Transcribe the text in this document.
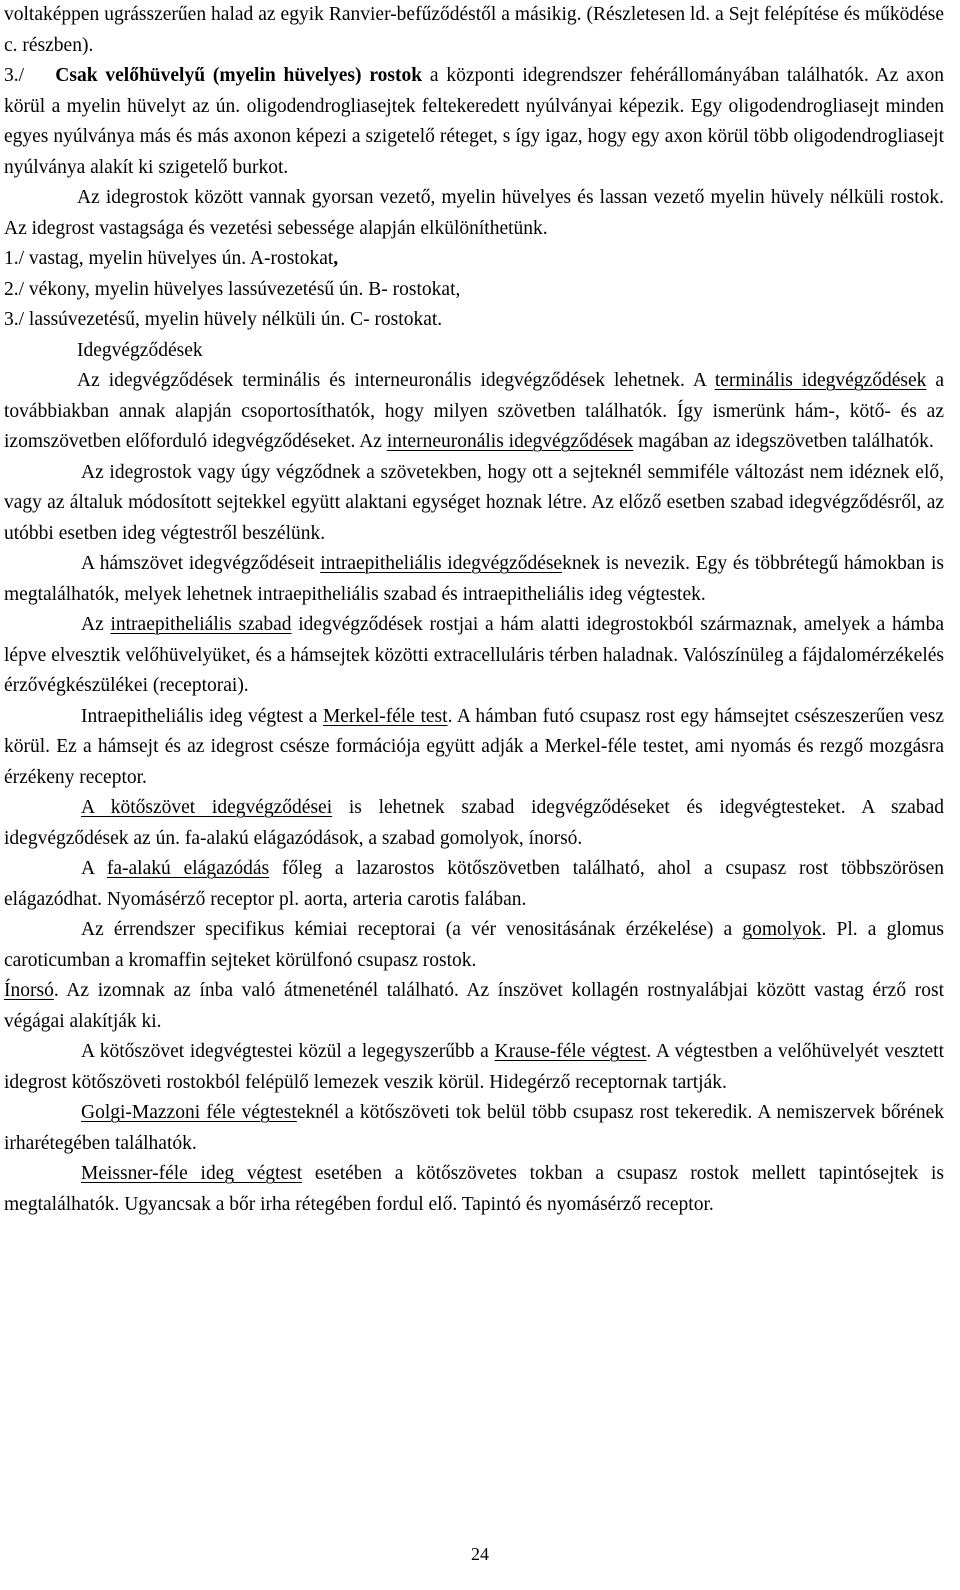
voltaképpen ugrásszerűen halad az egyik Ranvier-befűződéstől a másikig. (Részletesen ld. a Sejt felépítése és működése c. részben).

3./ Csak velőhüvelyű (myelin hüvelyes) rostok a központi idegrendszer fehérállományában találhatók. Az axon körül a myelin hüvelyt az ún. oligodendrogliasejtek feltekeredett nyúlványai képezik. Egy oligodendrogliasejt minden egyes nyúlványa más és más axonon képezi a szigetelő réteget, s így igaz, hogy egy axon körül több oligodendrogliasejt nyúlványa alakít ki szigetelő burkot.

Az idegrostok között vannak gyorsan vezető, myelin hüvelyes és lassan vezető myelin hüvely nélküli rostok. Az idegrost vastagsága és vezetési sebessége alapján elkülöníthetünk.

1./ vastag, myelin hüvelyes ún. A-rostokat,

2./ vékony, myelin hüvelyes lassúvezetésű ún. B- rostokat,

3./ lassúvezetésű, myelin hüvely nélküli ún. C- rostokat.

Idegvégződések

Az idegvégződések terminális és interneuronális idegvégződések lehetnek. A terminális idegvégződések a továbbiakban annak alapján csoportosíthatók, hogy milyen szövetben találhatók. Így ismerünk hám-, kötő- és az izomszövetben előforduló idegvégződéseket. Az interneuronális idegvégződések magában az idegszövetben találhatók.

Az idegrostok vagy úgy végződnek a szövetekben, hogy ott a sejteknél semmiféle változást nem idéznek elő, vagy az általuk módosított sejtekkel együtt alaktani egységet hoznak létre. Az előző esetben szabad idegvégződésről, az utóbbi esetben ideg végtestről beszélünk.

A hámszövet idegvégződéseit intraepitheliális idegvégződéseknek is nevezik. Egy és többrétegű hámokban is megtalálhatók, melyek lehetnek intraepitheliális szabad és intraepitheliális ideg végtestek.

Az intraepitheliális szabad idegvégződések rostjai a hám alatti idegrostokból származnak, amelyek a hámba lépve elvesztik velőhüvelyüket, és a hámsejtek közötti extracelluláris térben haladnak. Valószínüleg a fájdalomérzékelés érzővégkészülékei (receptorai).

Intraepitheliális ideg végtest a Merkel-féle test. A hámban futó csupasz rost egy hámsejtet csészeszerűen vesz körül. Ez a hámsejt és az idegrost csésze formációja együtt adják a Merkel-féle testet, ami nyomás és rezgő mozgásra érzékeny receptor.

A kötőszövet idegvégződései is lehetnek szabad idegvégződéseket és idegvégtesteket. A szabad idegvégződések az ún. fa-alakú elágazódások, a szabad gomolyok, ínorsó.

A fa-alakú elágazódás főleg a lazarostos kötőszövetben található, ahol a csupasz rost többszörösen elágazódhat. Nyomásérző receptor pl. aorta, arteria carotis falában.

Az érrendszer specifikus kémiai receptorai (a vér venositásának érzékelése) a gomolyok. Pl. a glomus caroticumban a kromaffin sejteket körülfonó csupasz rostok.

Ínorsó. Az izomnak az ínba való átmeneténél található. Az ínszövet kollagén rostnyalábjai között vastag érző rost végágai alakítják ki.

A kötőszövet idegvégtestei közül a legegyszerűbb a Krause-féle végtest. A végtestben a velőhüvelyét vesztett idegrost kötőszöveti rostokból felépülő lemezek veszik körül. Hidegérző receptornak tartják.

Golgi-Mazzoni féle végtesteknél a kötőszöveti tok belül több csupasz rost tekeredik. A nemiszervek bőrének irharétegében találhatók.

Meissner-féle ideg végtest esetében a kötőszövetes tokban a csupasz rostok mellett tapintósejtek is megtalálhatók. Ugyancsak a bőr irha rétegében fordul elő. Tapintó és nyomásérző receptor.

24
